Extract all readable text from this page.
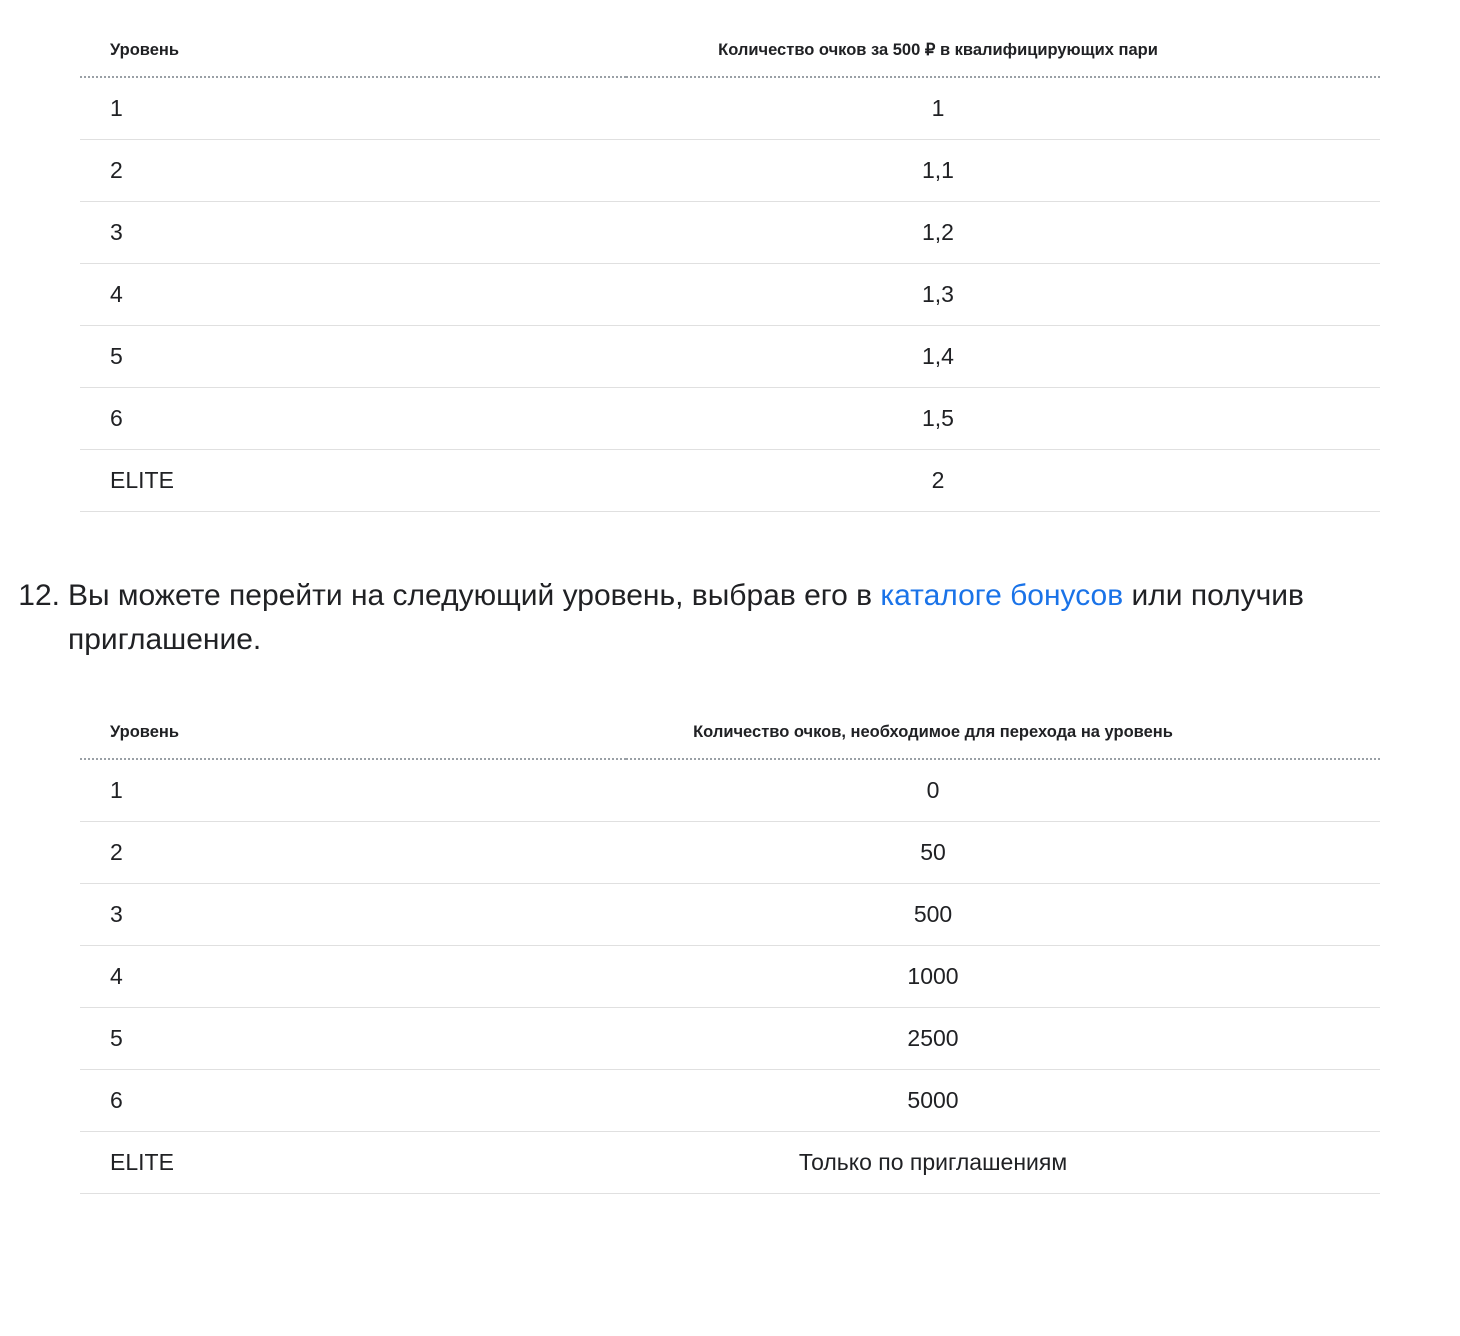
Уровень	Количество очков за 500 ₽ в квалифицирующих пари
1	1
2	1,1
3	1,2
4	1,3
5	1,4
6	1,5
ELITE	2
12. Вы можете перейти на следующий уровень, выбрав его в каталоге бонусов или получив приглашение.
Уровень	Количество очков, необходимое для перехода на уровень
1	0
2	50
3	500
4	1000
5	2500
6	5000
ELITE	Только по приглашениям
